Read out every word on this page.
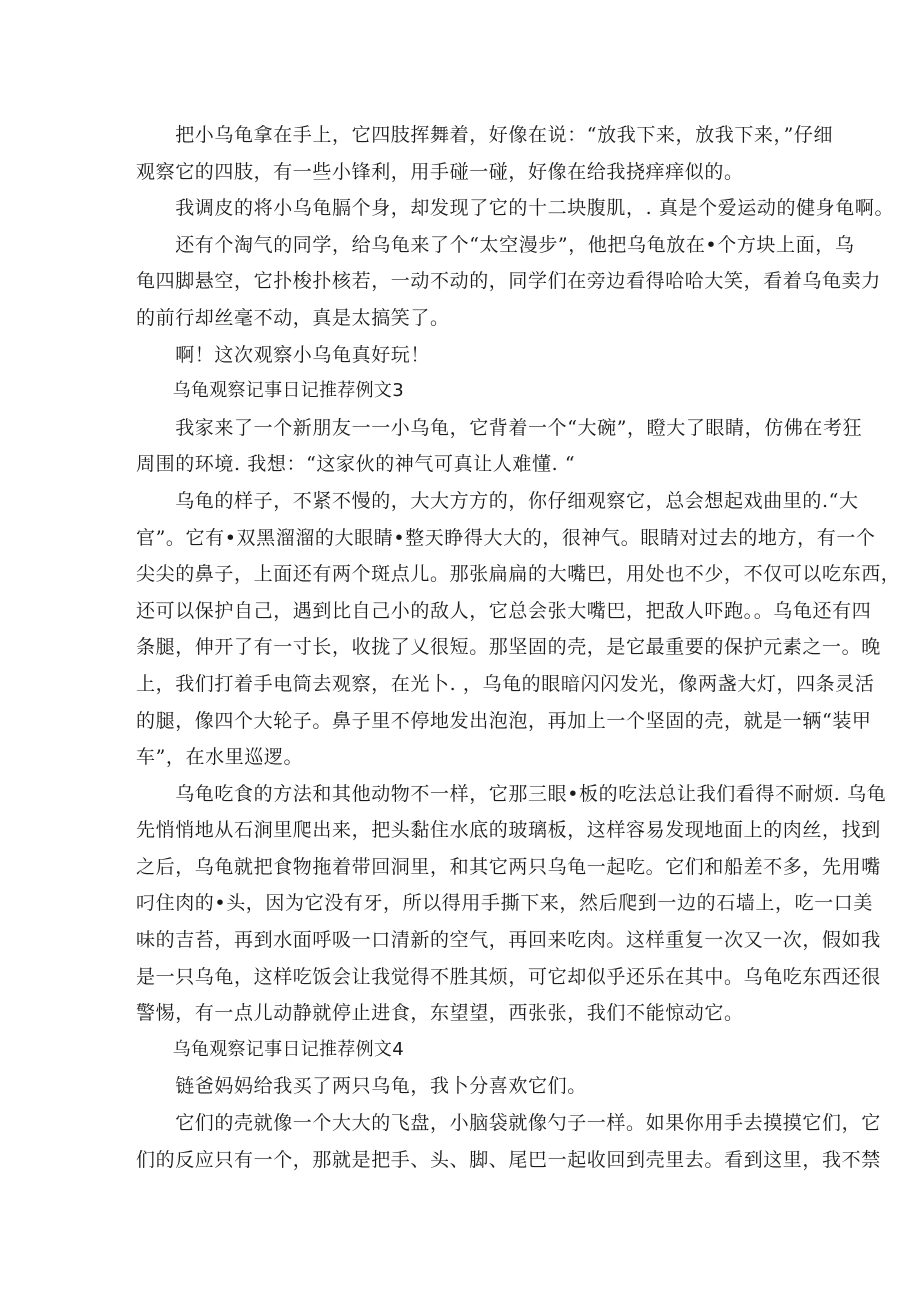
　　把小乌龟拿在手上，它四肢挥舞着，好像在说：“放我下来，放我下来，”仔细
观察它的四肢，有一些小锋利，用手碰一碰，好像在给我挠痒痒似的。
　　我调皮的将小乌龟膈个身，却发现了它的十二块腹肌，. 真是个爱运动的健身龟啊。
　　还有个淘气的同学，给乌龟来了个“太空漫步”，他把乌龟放在•个方块上面，乌
龟四脚悬空，它扑梭扑核若，一动不动的，同学们在旁边看得哈哈大笑，看着乌龟卖力
的前行却丝毫不动，真是太搞笑了。
　　啊！这次观察小乌龟真好玩！
　　乌龟观察记事日记推荐例文3
　　我家来了一个新朋友一一小乌龟，它背着一个“大碗”，瞪大了眼睛，仿佛在考狂
周围的环境. 我想：“这家伙的神气可真让人难懂. “
　　乌龟的样子，不紧不慢的，大大方方的，你仔细观察它，总会想起戏曲里的.“大
官”。它有•双黑溜溜的大眼睛•整天睁得大大的，很神气。眼睛对过去的地方，有一个
尖尖的鼻子，上面还有两个斑点儿。那张扁扁的大嘴巴，用处也不少，不仅可以吃东西，
还可以保护自己，遇到比自己小的敌人，它总会张大嘴巴，把敌人吓跑。。乌龟还有四
条腿，伸开了有一寸长，收拢了乂很短。那坚固的壳，是它最重要的保护元素之一。晚
上，我们打着手电筒去观察，在光卜. ，乌龟的眼暗闪闪发光，像两盏大灯，四条灵活
的腿，像四个大轮子。鼻子里不停地发出泡泡，再加上一个坚固的壳，就是一辆“装甲
车”，在水里巡逻。
　　乌龟吃食的方法和其他动物不一样，它那三眼•板的吃法总让我们看得不耐烦. 乌龟
先悄悄地从石涧里爬出来，把头黏住水底的玻璃板，这样容易发现地面上的肉丝，找到
之后，乌龟就把食物拖着带回洞里，和其它两只乌龟一起吃。它们和船差不多，先用嘴
叼住肉的•头，因为它没有牙，所以得用手撕下来，然后爬到一边的石墙上，吃一口美
味的吉苔，再到水面呼吸一口清新的空气，再回来吃肉。这样重复一次又一次，假如我
是一只乌龟，这样吃饭会让我觉得不胜其烦，可它却似乎还乐在其中。乌龟吃东西还很
警惕，有一点儿动静就停止进食，东望望，西张张，我们不能惊动它。
　　乌龟观察记事日记推荐例文4
　　链爸妈妈给我买了两只乌龟，我卜分喜欢它们。
　　它们的壳就像一个大大的飞盘，小脑袋就像勺子一样。如果你用手去摸摸它们，它
们的反应只有一个，那就是把手、头、脚、尾巴一起收回到壳里去。看到这里，我不禁
